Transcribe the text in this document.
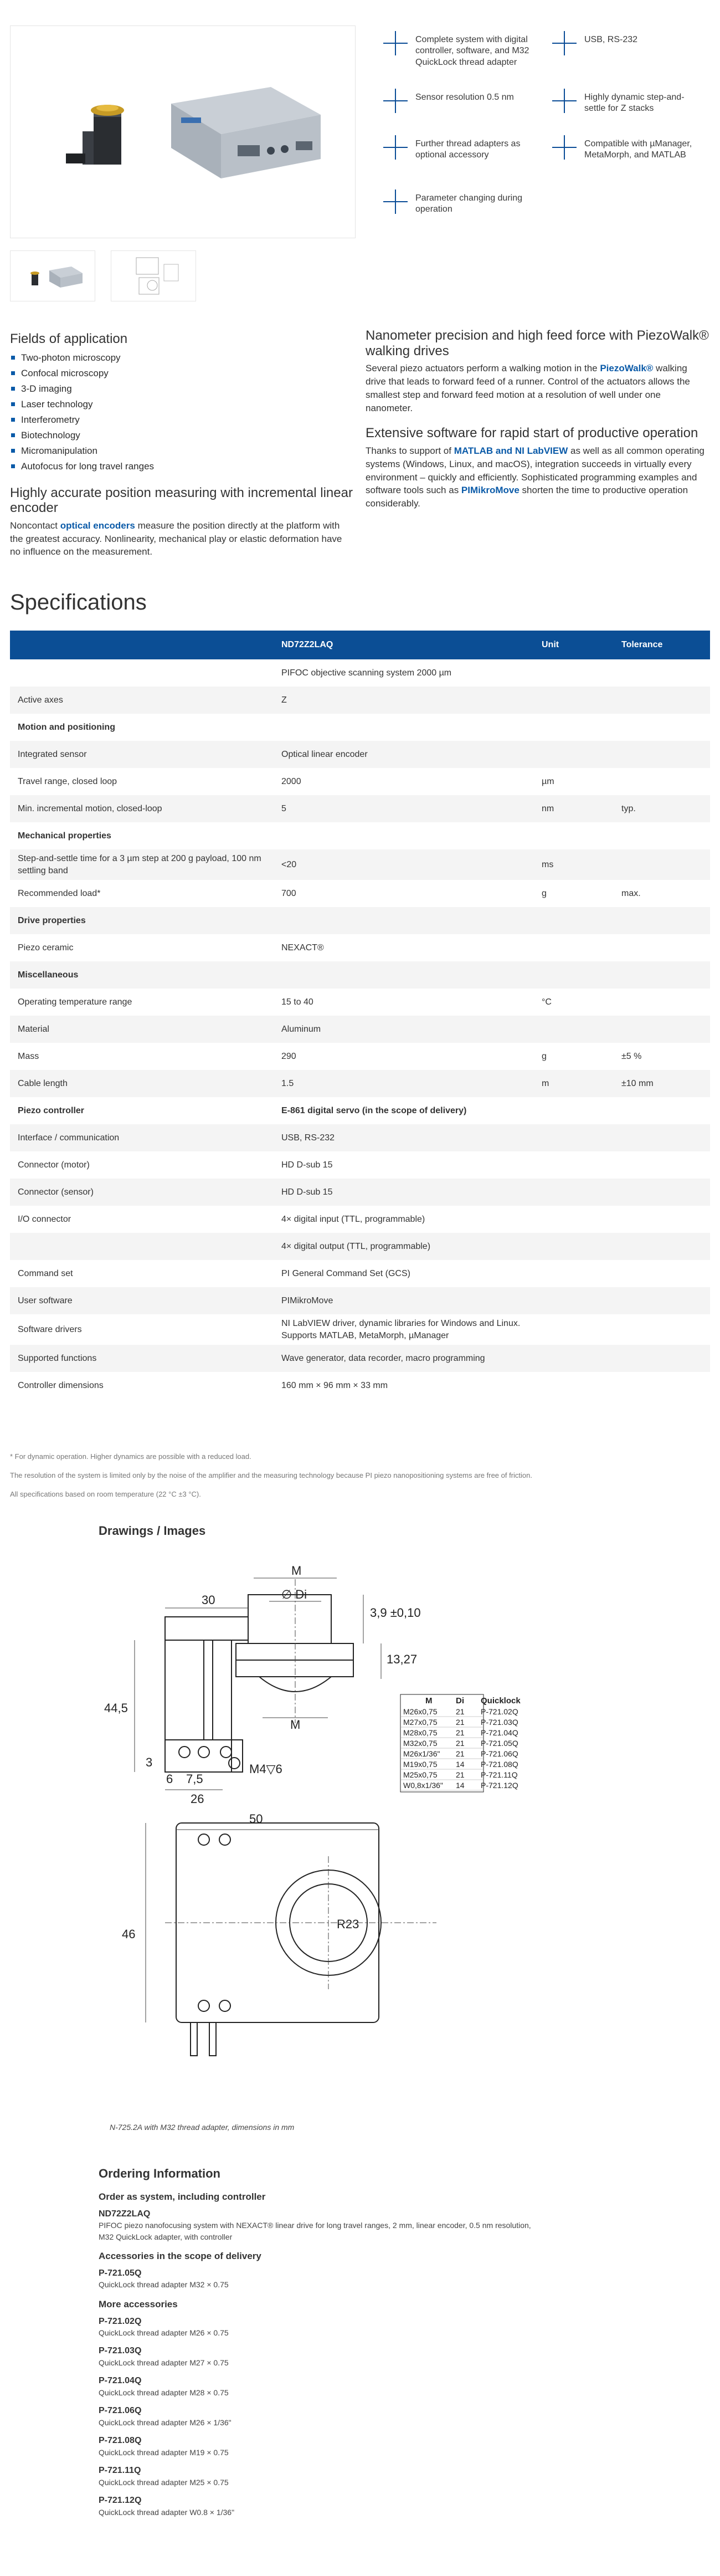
Complete system with digital controller, software, and M32 QuickLock thread adapter
USB, RS-232
Sensor resolution 0.5 nm	Highly dynamic step-and-settle for Z stacks
Further thread adapters as optional accessory
Compatible with µManager, MetaMorph, and MATLAB
Parameter changing during operation
Fields of application
Two-photon microscopy
Confocal microscopy
3-D imaging
Laser technology
Interferometry
Biotechnology
Micromanipulation
Autofocus for long travel ranges
Highly accurate position measuring with incremental linear encoder

Noncontact optical encoders measure the position directly at the platform with the greatest accuracy. Nonlinearity, mechanical play or elastic deformation have no influence on the measurement.

Nanometer precision and high feed force with PiezoWalk® walking drives

Several piezo actuators perform a walking motion in the PiezoWalk® walking drive that leads to forward feed of a runner. Control of the actuators allows the smallest step and forward feed motion at a resolution of well under one nanometer.

Extensive software for rapid start of productive operation

Thanks to support of MATLAB and NI LabVIEW as well as all common operating systems (Windows, Linux, and macOS), integration succeeds in virtually every environment – quickly and efficiently. Sophisticated programming examples and software tools such as PIMikroMove shorten the time to productive operation considerably.

Specifications
	ND72Z2LAQ	Unit	Tolerance
	PIFOC objective scanning system 2000 µm		
Active axes	Z		
Motion and positioning			
Integrated sensor	Optical linear encoder		
Travel range, closed loop	2000	µm	
Min. incremental motion, closed-loop	5	nm	typ.
Mechanical properties			
Step-and-settle time for a 3 µm step at 200 g payload, 100 nm settling band	<20	ms	
Recommended load*	700	g	max.
Drive properties			
Piezo ceramic	NEXACT®		
Miscellaneous			
Operating temperature range	15 to 40	°C	
Material	Aluminum		
Mass	290	g	±5 %
Cable length	1.5	m	±10 mm
Piezo controller	E-861 digital servo (in the scope of delivery)		
Interface / communication	USB, RS-232		
Connector (motor)	HD D-sub 15		
Connector (sensor)	HD D-sub 15		
I/O connector	4× digital input (TTL, programmable)		
	4× digital output (TTL, programmable)		
Command set	PI General Command Set (GCS)		
User software	PIMikroMove		
Software drivers	NI LabVIEW driver, dynamic libraries for Windows and Linux. Supports MATLAB, MetaMorph, µManager		
Supported functions	Wave generator, data recorder, macro programming		
Controller dimensions	160 mm × 96 mm × 33 mm		
* For dynamic operation. Higher dynamics are possible with a reduced load.
The resolution of the system is limited only by the noise of the amplifier and the measuring technology because PI piezo nanopositioning systems are free of friction.
All specifications based on room temperature (22 °C ±3 °C).
Drawings / Images
M
∅ Di
30
3,9 ±0,10
13,27
M
44,5
3
6 7,5
26
M4▽6
50
46
R23
M	Di Quicklock
M26x0,75 21 P-721.02Q
M27x0,75 21 P-721.03Q
M28x0,75 21 P-721.04Q
M32x0,75 21 P-721.05Q
M26x1/36" 21 P-721.06Q
M19x0,75 14 P-721.08Q
M25x0,75 21 P-721.11Q
W0,8x1/36" 14 P-721.12Q
N-725.2A with M32 thread adapter, dimensions in mm
Ordering Information
Order as system, including controller
ND72Z2LAQ
PIFOC piezo nanofocusing system with NEXACT® linear drive for long travel ranges, 2 mm, linear encoder, 0.5 nm resolution, M32 QuickLock adapter, with controller
Accessories in the scope of delivery
P-721.05Q
QuickLock thread adapter M32 × 0.75
More accessories
P-721.02Q
QuickLock thread adapter M26 × 0.75
P-721.03Q
QuickLock thread adapter M27 × 0.75
P-721.04Q
QuickLock thread adapter M28 × 0.75
P-721.06Q
QuickLock thread adapter M26 × 1/36"
P-721.08Q
QuickLock thread adapter M19 × 0.75
P-721.11Q
QuickLock thread adapter M25 × 0.75
P-721.12Q
QuickLock thread adapter W0.8 × 1/36"
